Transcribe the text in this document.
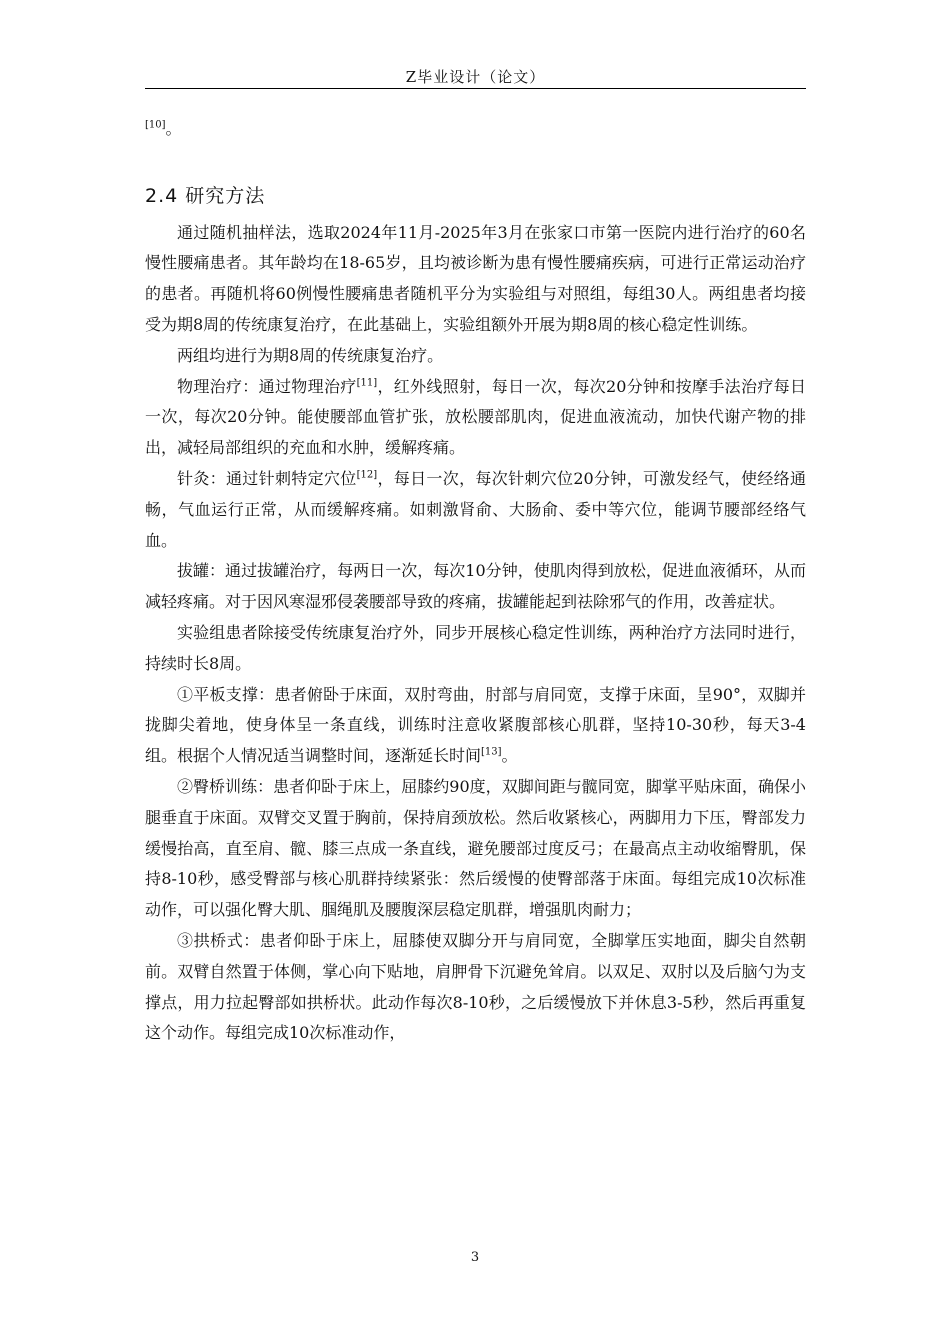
Z毕业设计（论文）

[10]。

2.4 研究方法

通过随机抽样法，选取2024年11月-2025年3月在张家口市第一医院内进行治疗的60名慢性腰痛患者。其年龄均在18-65岁，且均被诊断为患有慢性腰痛疾病，可进行正常运动治疗的患者。再随机将60例慢性腰痛患者随机平分为实验组与对照组，每组30人。两组患者均接受为期8周的传统康复治疗，在此基础上，实验组额外开展为期8周的核心稳定性训练。

两组均进行为期8周的传统康复治疗。

物理治疗：通过物理治疗[11]，红外线照射，每日一次，每次20分钟和按摩手法治疗每日一次，每次20分钟。能使腰部血管扩张，放松腰部肌肉，促进血液流动，加快代谢产物的排出，减轻局部组织的充血和水肿，缓解疼痛。

针灸：通过针刺特定穴位[12]，每日一次，每次针刺穴位20分钟，可激发经气，使经络通畅，气血运行正常，从而缓解疼痛。如刺激肾俞、大肠俞、委中等穴位，能调节腰部经络气血。

拔罐：通过拔罐治疗，每两日一次，每次10分钟，使肌肉得到放松，促进血液循环，从而减轻疼痛。对于因风寒湿邪侵袭腰部导致的疼痛，拔罐能起到祛除邪气的作用，改善症状。

实验组患者除接受传统康复治疗外，同步开展核心稳定性训练，两种治疗方法同时进行，持续时长8周。

①平板支撑：患者俯卧于床面，双肘弯曲，肘部与肩同宽，支撑于床面，呈90°，双脚并拢脚尖着地，使身体呈一条直线，训练时注意收紧腹部核心肌群，坚持10-30秒，每天3-4组。根据个人情况适当调整时间，逐渐延长时间[13]。

②臀桥训练：患者仰卧于床上，屈膝约90度，双脚间距与髋同宽，脚掌平贴床面，确保小腿垂直于床面。双臂交叉置于胸前，保持肩颈放松。然后收紧核心，两脚用力下压，臀部发力缓慢抬高，直至肩、髋、膝三点成一条直线，避免腰部过度反弓；在最高点主动收缩臀肌，保持8-10秒，感受臀部与核心肌群持续紧张：然后缓慢的使臀部落于床面。每组完成10次标准动作，可以强化臀大肌、腘绳肌及腰腹深层稳定肌群，增强肌肉耐力；

③拱桥式：患者仰卧于床上，屈膝使双脚分开与肩同宽，全脚掌压实地面，脚尖自然朝前。双臂自然置于体侧，掌心向下贴地，肩胛骨下沉避免耸肩。以双足、双肘以及后脑勺为支撑点，用力拉起臀部如拱桥状。此动作每次8-10秒，之后缓慢放下并休息3-5秒，然后再重复这个动作。每组完成10次标准动作，

3
